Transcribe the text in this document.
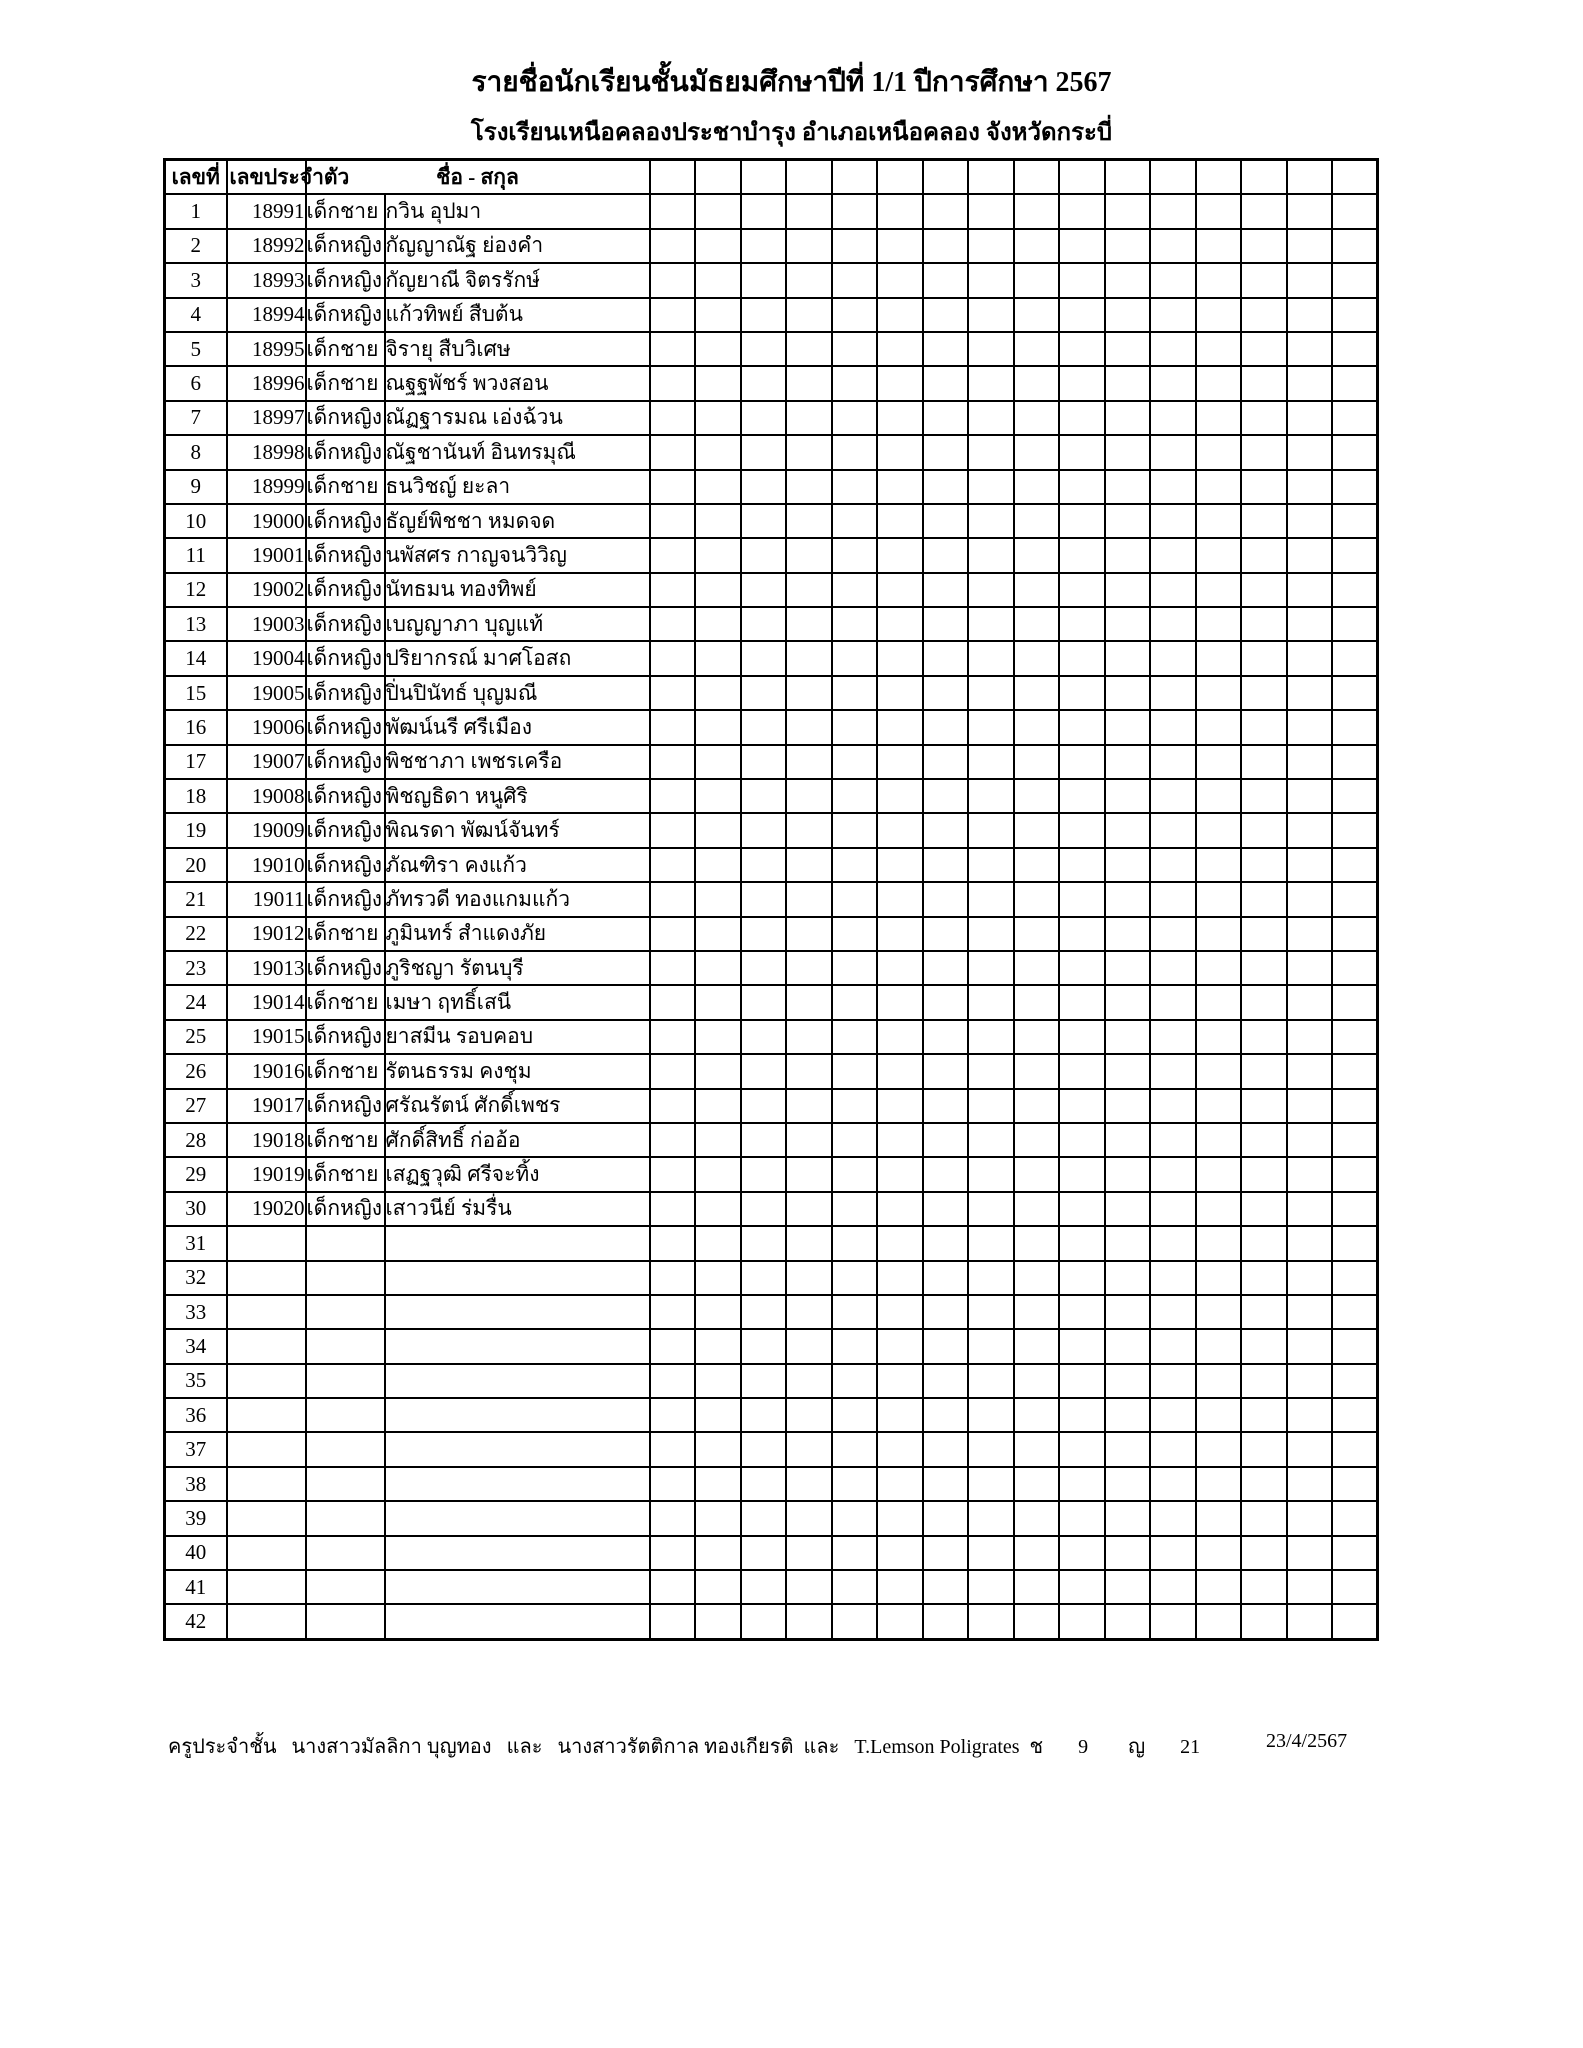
รายชื่อนักเรียนชั้นมัธยมศึกษาปีที่ 1/1 ปีการศึกษา 2567
โรงเรียนเหนือคลองประชาบำรุง อำเภอเหนือคลอง จังหวัดกระบี่
เลขที่	เลขประจำตัว	ชื่อ - สกุล																	
1	18991	เด็กชาย	กวิน อุปมา																
2	18992	เด็กหญิง	กัญญาณัฐ ย่องคำ																
3	18993	เด็กหญิง	กัญยาณี จิตรรักษ์																
4	18994	เด็กหญิง	แก้วทิพย์ สืบต้น																
5	18995	เด็กชาย	จิรายุ สืบวิเศษ																
6	18996	เด็กชาย	ณฐฐพัชร์ พวงสอน																
7	18997	เด็กหญิง	ณัฏฐารมณ เอ่งฉ้วน																
8	18998	เด็กหญิง	ณัฐชานันท์ อินทรมุณี																
9	18999	เด็กชาย	ธนวิชญ์ ยะลา																
10	19000	เด็กหญิง	ธัญย์พิชชา หมดจด																
11	19001	เด็กหญิง	นพัสศร กาญจนวิวิญ																
12	19002	เด็กหญิง	นัทธมน ทองทิพย์																
13	19003	เด็กหญิง	เบญญาภา บุญแท้																
14	19004	เด็กหญิง	ปริยากรณ์ มาศโอสถ																
15	19005	เด็กหญิง	ปิ่นปินัทธ์ บุญมณี																
16	19006	เด็กหญิง	พัฒน์นรี ศรีเมือง																
17	19007	เด็กหญิง	พิชชาภา เพชรเครือ																
18	19008	เด็กหญิง	พิชญธิดา หนูศิริ																
19	19009	เด็กหญิง	พิณรดา พัฒน์จันทร์																
20	19010	เด็กหญิง	ภัณฑิรา คงแก้ว																
21	19011	เด็กหญิง	ภัทรวดี ทองแกมแก้ว																
22	19012	เด็กชาย	ภูมินทร์ สำแดงภัย																
23	19013	เด็กหญิง	ภูริชญา รัตนบุรี																
24	19014	เด็กชาย	เมษา ฤทธิ์เสนี																
25	19015	เด็กหญิง	ยาสมีน รอบคอบ																
26	19016	เด็กชาย	รัตนธรรม คงชุม																
27	19017	เด็กหญิง	ศรัณรัตน์ ศักดิ์เพชร																
28	19018	เด็กชาย	ศักดิ์สิทธิ์ ก่ออ้อ																
29	19019	เด็กชาย	เสฏฐวุฒิ ศรีจะทิ้ง																
30	19020	เด็กหญิง	เสาวนีย์ ร่มรื่น																
31																			
32																			
33																			
34																			
35																			
36																			
37																			
38																			
39																			
40																			
41																			
42																			
ครูประจำชั้น นางสาวมัลลิกา บุญทอง และ นางสาวรัตติกาล ทองเกียรติ และ T.Lemson Poligrates ช 9 ญ 21	23/4/2567
